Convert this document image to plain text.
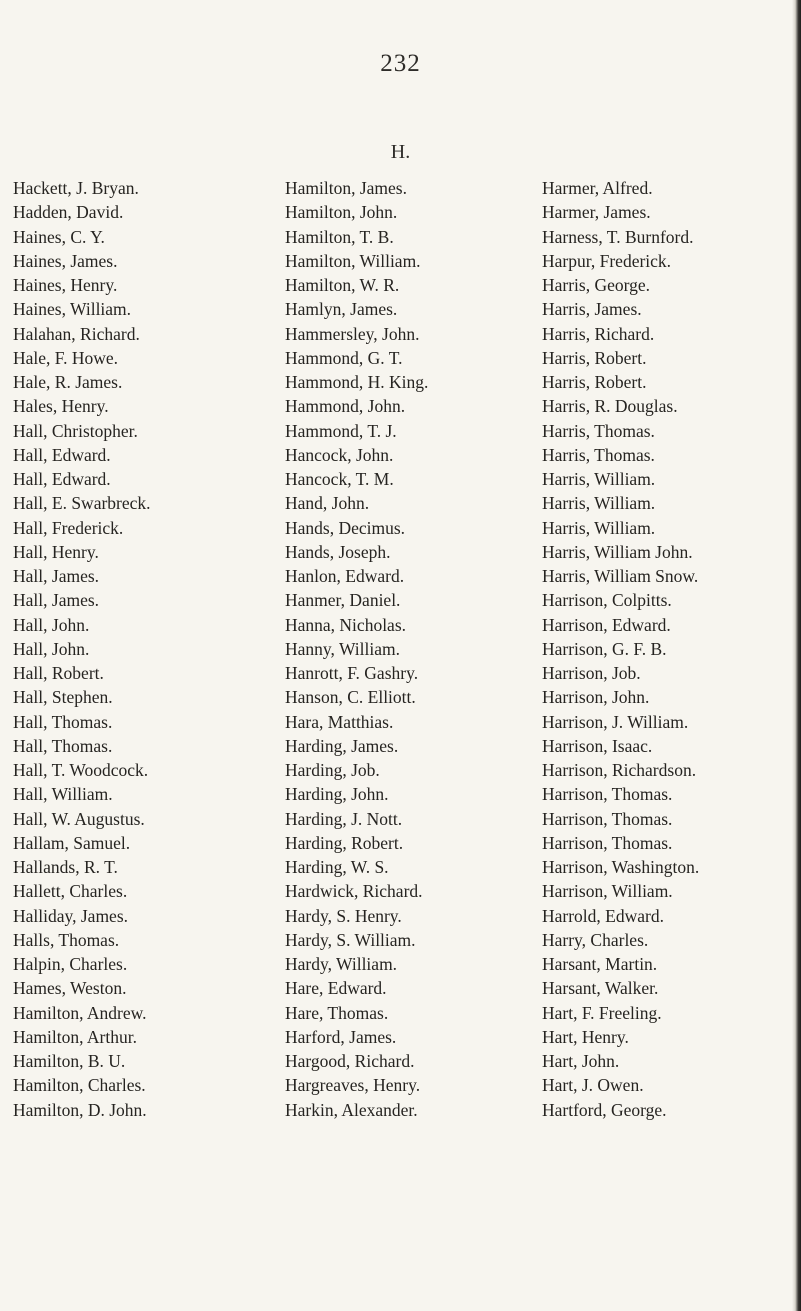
232
H.
Hackett, J. Bryan.
Hadden, David.
Haines, C. Y.
Haines, James.
Haines, Henry.
Haines, William.
Halahan, Richard.
Hale, F. Howe.
Hale, R. James.
Hales, Henry.
Hall, Christopher.
Hall, Edward.
Hall, Edward.
Hall, E. Swarbreck.
Hall, Frederick.
Hall, Henry.
Hall, James.
Hall, James.
Hall, John.
Hall, John.
Hall, Robert.
Hall, Stephen.
Hall, Thomas.
Hall, Thomas.
Hall, T. Woodcock.
Hall, William.
Hall, W. Augustus.
Hallam, Samuel.
Hallands, R. T.
Hallett, Charles.
Halliday, James.
Halls, Thomas.
Halpin, Charles.
Hames, Weston.
Hamilton, Andrew.
Hamilton, Arthur.
Hamilton, B. U.
Hamilton, Charles.
Hamilton, D. John.
Hamilton, James.
Hamilton, John.
Hamilton, T. B.
Hamilton, William.
Hamilton, W. R.
Hamlyn, James.
Hammersley, John.
Hammond, G. T.
Hammond, H. King.
Hammond, John.
Hammond, T. J.
Hancock, John.
Hancock, T. M.
Hand, John.
Hands, Decimus.
Hands, Joseph.
Hanlon, Edward.
Hanmer, Daniel.
Hanna, Nicholas.
Hanny, William.
Hanrott, F. Gashry.
Hanson, C. Elliott.
Hara, Matthias.
Harding, James.
Harding, Job.
Harding, John.
Harding, J. Nott.
Harding, Robert.
Harding, W. S.
Hardwick, Richard.
Hardy, S. Henry.
Hardy, S. William.
Hardy, William.
Hare, Edward.
Hare, Thomas.
Harford, James.
Hargood, Richard.
Hargreaves, Henry.
Harkin, Alexander.
Harmer, Alfred.
Harmer, James.
Harness, T. Burnford.
Harpur, Frederick.
Harris, George.
Harris, James.
Harris, Richard.
Harris, Robert.
Harris, Robert.
Harris, R. Douglas.
Harris, Thomas.
Harris, Thomas.
Harris, William.
Harris, William.
Harris, William.
Harris, William John.
Harris, William Snow.
Harrison, Colpitts.
Harrison, Edward.
Harrison, G. F. B.
Harrison, Job.
Harrison, John.
Harrison, J. William.
Harrison, Isaac.
Harrison, Richardson.
Harrison, Thomas.
Harrison, Thomas.
Harrison, Thomas.
Harrison, Washington.
Harrison, William.
Harrold, Edward.
Harry, Charles.
Harsant, Martin.
Harsant, Walker.
Hart, F. Freeling.
Hart, Henry.
Hart, John.
Hart, J. Owen.
Hartford, George.
